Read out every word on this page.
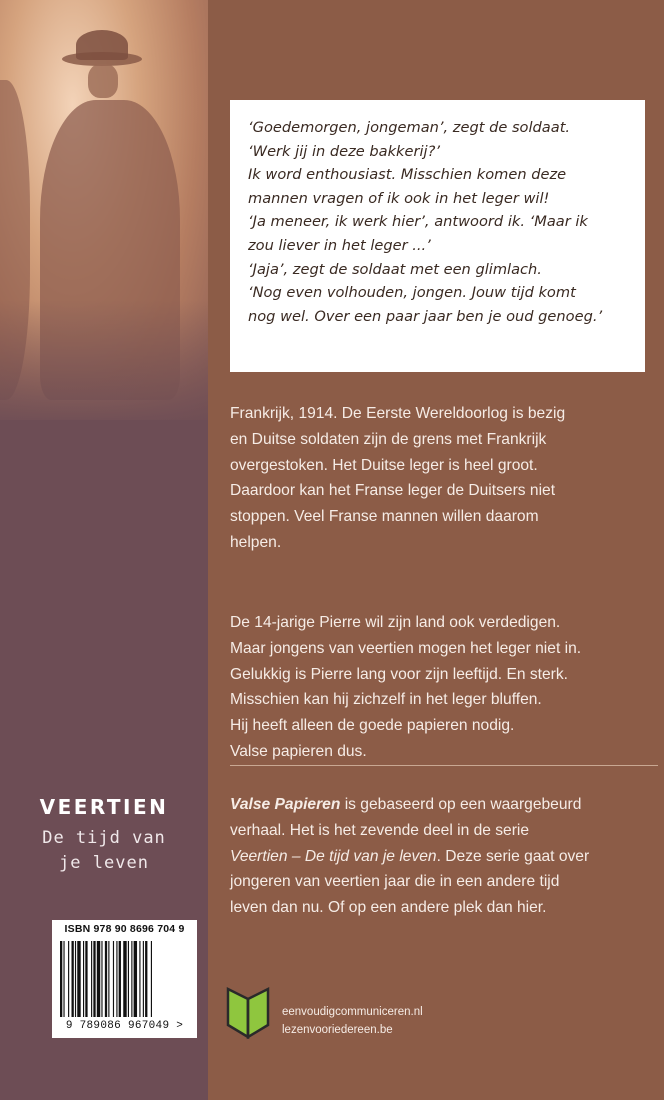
‘Goedemorgen, jongeman’, zegt de soldaat.
‘Werk jij in deze bakkerij?’
Ik word enthousiast. Misschien komen deze
mannen vragen of ik ook in het leger wil!
‘Ja meneer, ik werk hier’, antwoord ik. ‘Maar ik
zou liever in het leger ...’
‘Jaja’, zegt de soldaat met een glimlach.
‘Nog even volhouden, jongen. Jouw tijd komt
nog wel. Over een paar jaar ben je oud genoeg.’

Frankrijk, 1914. De Eerste Wereldoorlog is bezig
en Duitse soldaten zijn de grens met Frankrijk
overgestoken. Het Duitse leger is heel groot.
Daardoor kan het Franse leger de Duitsers niet
stoppen. Veel Franse mannen willen daarom
helpen.

De 14-jarige Pierre wil zijn land ook verdedigen.
Maar jongens van veertien mogen het leger niet in.
Gelukkig is Pierre lang voor zijn leeftijd. En sterk.
Misschien kan hij zichzelf in het leger bluffen.
Hij heeft alleen de goede papieren nodig.
Valse papieren dus.

Valse Papieren is gebaseerd op een waargebeurd
verhaal. Het is het zevende deel in de serie
Veertien – De tijd van je leven. Deze serie gaat over
jongeren van veertien jaar die in een andere tijd
leven dan nu. Of op een andere plek dan hier.

VEERTIEN

De tijd van

je leven

ISBN 978 90 8696 704 9

9 789086 967049 >

eenvoudigcommuniceren.nl

lezenvooriedereen.be
